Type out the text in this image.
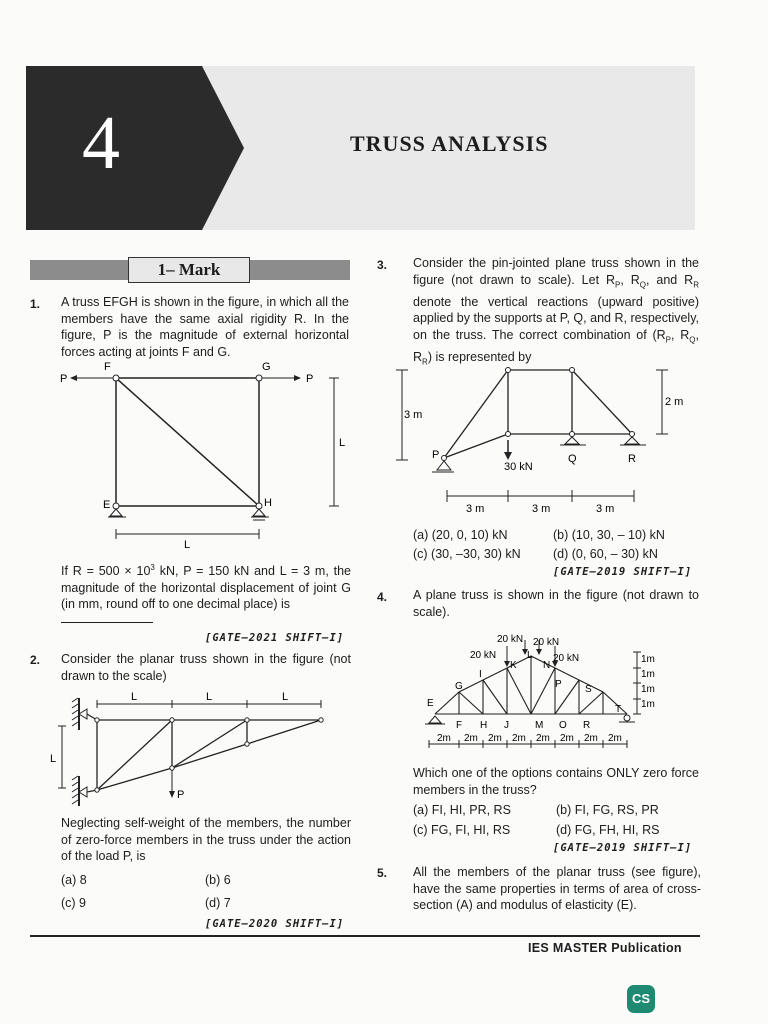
4	TRUSS ANALYSIS
1– Mark
1. A truss EFGH is shown in the figure, in which all the members have the same axial rigidity R. In the figure, P is the magnitude of external horizontal forces acting at joints F and G.
F	G
E	H
P	P
L
L
If $R = 500 \times 10^3$ kN, P = 150 kN and L = 3 m, the magnitude of the horizontal displacement of joint G (in mm, round off to one decimal place) is
[GATE–2021 SHIFT–I]
2. Consider the planar truss shown in the figure (not drawn to the scale)
L	L	L
L
P
Neglecting self-weight of the members, the number of zero-force members in the truss under the action of the load P, is
(a) 8	(b) 6
(c) 9	(d) 7
[GATE–2020 SHIFT–I]
3. Consider the pin-jointed plane truss shown in the figure (not drawn to scale). Let $R_P$, $R_Q$, and $R_R$ denote the vertical reactions (upward positive) applied by the supports at P, Q, and R, respectively, on the truss. The correct combination of ($R_P$, $R_Q$, $R_R$) is represented by
3 m
2 m
P	Q	R
30 kN
3 m	3 m	3 m
(a) (20, 0, 10) kN	(b) (10, 30, – 10) kN
(c) (30, –30, 30) kN	(d) (0, 60, – 30) kN
[GATE–2019 SHIFT–I]
4. A plane truss is shown in the figure (not drawn to scale).
20 kN
20 kN 20 kN
20 kN	1m
1m
1m
1m
E
T
G
I
K
L
N
P S
F H J	M O R
2m 2m 2m 2m 2m 2m 2m 2m
Which one of the options contains ONLY zero force members in the truss?
(a) FI, HI, PR, RS	(b) FI, FG, RS, PR
(c) FG, FI, HI, RS	(d) FG, FH, HI, RS
[GATE–2019 SHIFT–I]
5. All the members of the planar truss (see figure), have the same properties in terms of area of cross-section (A) and modulus of elasticity (E).
IES MASTER Publication
CS
